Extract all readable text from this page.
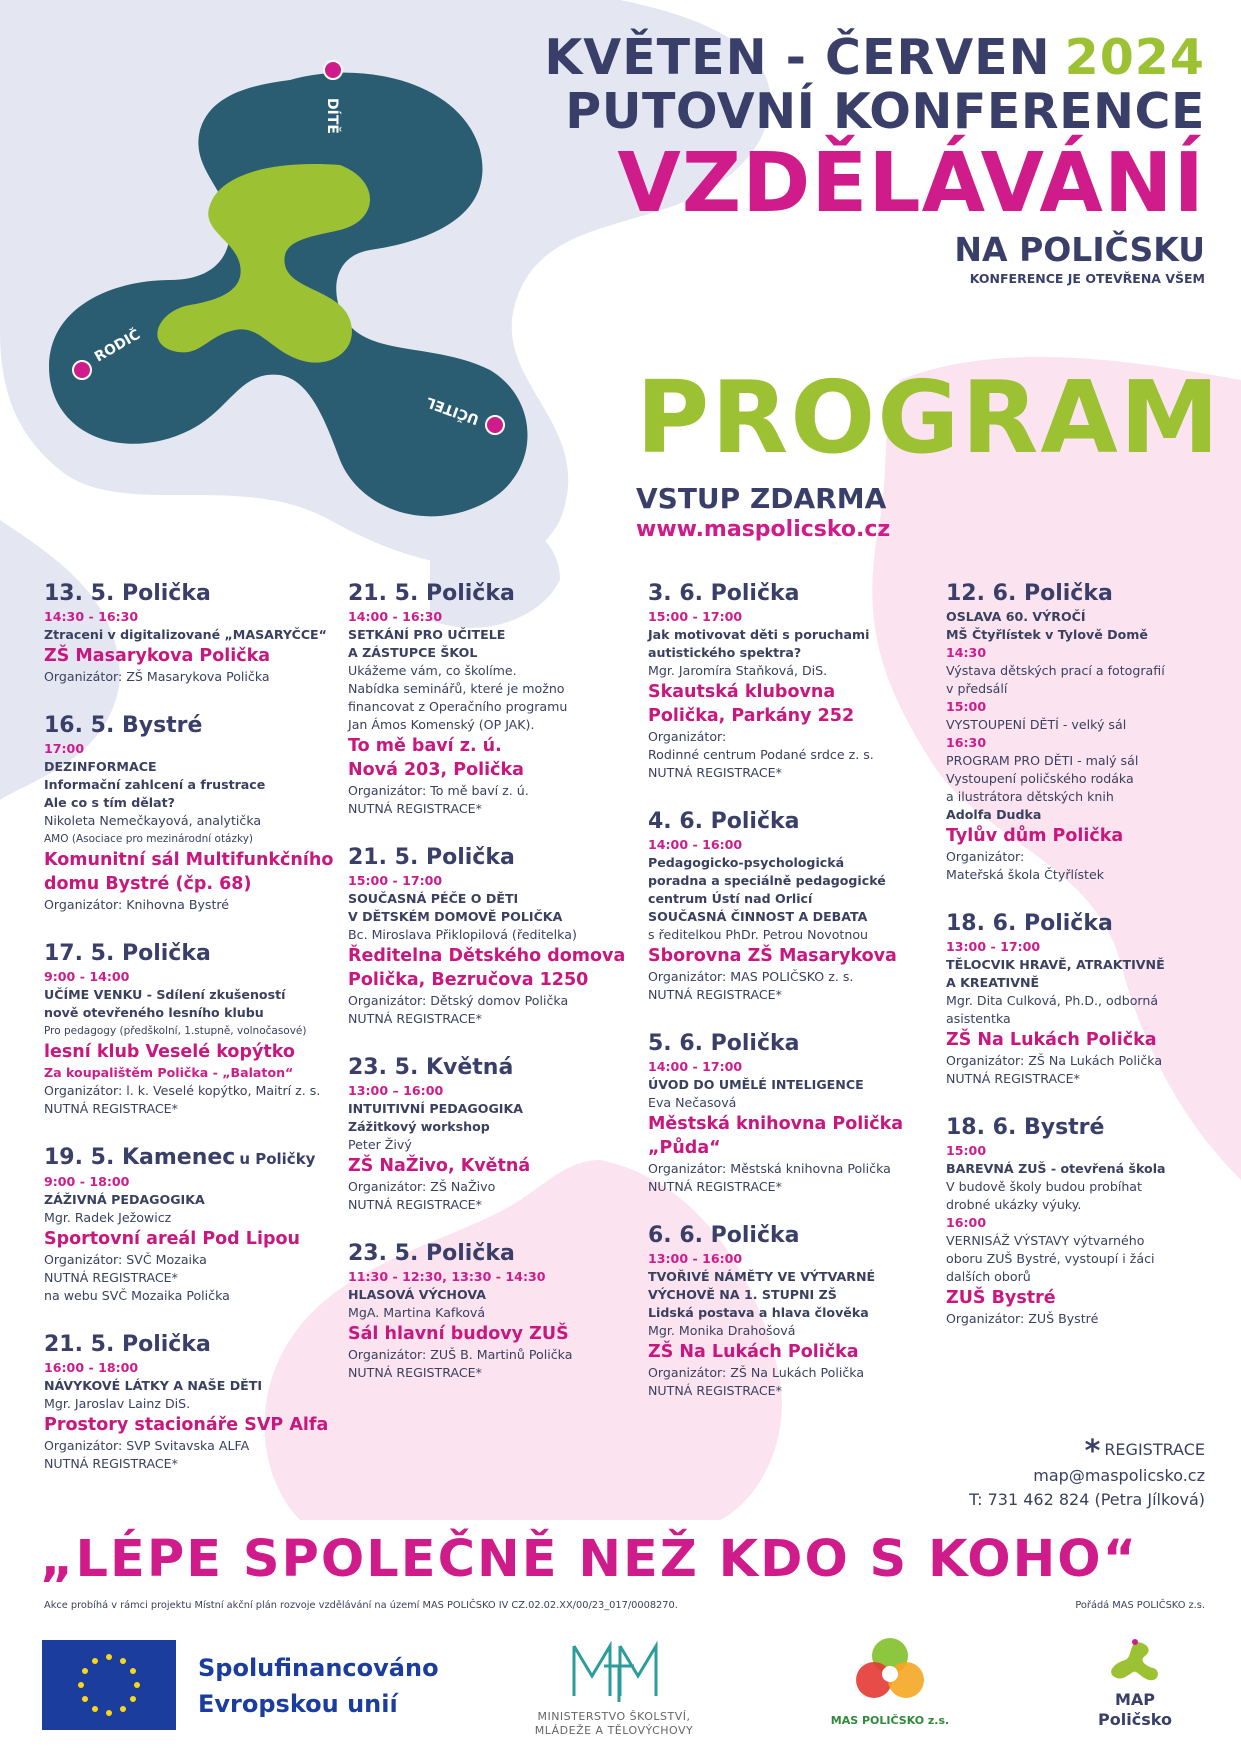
DÍTĚ
RODIČ
UČITEL
KVĚTEN - ČERVEN 2024
PUTOVNÍ KONFERENCE
VZDĚLÁVÁNÍ
NA POLIČSKU
KONFERENCE JE OTEVŘENA VŠEM
PROGRAM
VSTUP ZDARMA
www.maspolicsko.cz
13. 5. Polička
14:30 - 16:30
Ztraceni v digitalizované „MASARYČCE“
ZŠ Masarykova Polička
Organizátor: ZŠ Masarykova Polička
16. 5. Bystré
17:00
DEZINFORMACE
Informační zahlcení a frustrace
Ale co s tím dělat?
Nikoleta Nemečkayová, analytička
AMO (Asociace pro mezinárodní otázky)
Komunitní sál Multifunkčního
domu Bystré (čp. 68)
Organizátor: Knihovna Bystré
17. 5. Polička
9:00 - 14:00
UČÍME VENKU - Sdílení zkušeností
nově otevřeného lesního klubu
Pro pedagogy (předškolní, 1.stupně, volnočasové)
lesní klub Veselé kopýtko
Za koupalištěm Polička - „Balaton“
Organizátor: l. k. Veselé kopýtko, Maitrí z. s.
NUTNÁ REGISTRACE*
19. 5. Kamenec u Poličky
9:00 - 18:00
ZÁŽIVNÁ PEDAGOGIKA
Mgr. Radek Ježowicz
Sportovní areál Pod Lipou
Organizátor: SVČ Mozaika
NUTNÁ REGISTRACE*
na webu SVČ Mozaika Polička
21. 5. Polička
16:00 - 18:00
NÁVYKOVÉ LÁTKY A NAŠE DĚTI
Mgr. Jaroslav Lainz DiS.
Prostory stacionáře SVP Alfa
Organizátor: SVP Svitavska ALFA
NUTNÁ REGISTRACE*
21. 5. Polička
14:00 - 16:30
SETKÁNÍ PRO UČITELE
A ZÁSTUPCE ŠKOL
Ukážeme vám, co školíme.
Nabídka seminářů, které je možno
financovat z Operačního programu
Jan Ámos Komenský (OP JAK).
To mě baví z. ú.
Nová 203, Polička
Organizátor: To mě baví z. ú.
NUTNÁ REGISTRACE*
21. 5. Polička
15:00 - 17:00
SOUČASNÁ PÉČE O DĚTI
V DĚTSKÉM DOMOVĚ POLIČKA
Bc. Miroslava Přiklopilová (ředitelka)
Ředitelna Dětského domova
Polička, Bezručova 1250
Organizátor: Dětský domov Polička
NUTNÁ REGISTRACE*
23. 5. Květná
13:00 – 16:00
INTUITIVNÍ PEDAGOGIKA
Zážitkový workshop
Peter Živý
ZŠ NaŽivo, Květná
Organizátor: ZŠ NaŽivo
NUTNÁ REGISTRACE*
23. 5. Polička
11:30 - 12:30, 13:30 - 14:30
HLASOVÁ VÝCHOVA
MgA. Martina Kafková
Sál hlavní budovy ZUŠ
Organizátor: ZUŠ B. Martinů Polička
NUTNÁ REGISTRACE*
3. 6. Polička
15:00 - 17:00
Jak motivovat děti s poruchami
autistického spektra?
Mgr. Jaromíra Staňková, DiS.
Skautská klubovna
Polička, Parkány 252
Organizátor:
Rodinné centrum Podané srdce z. s.
NUTNÁ REGISTRACE*
4. 6. Polička
14:00 - 16:00
Pedagogicko-psychologická
poradna a speciálně pedagogické
centrum Ústí nad Orlicí
SOUČASNÁ ČINNOST A DEBATA
s ředitelkou PhDr. Petrou Novotnou
Sborovna ZŠ Masarykova
Organizátor: MAS POLIČSKO z. s.
NUTNÁ REGISTRACE*
5. 6. Polička
14:00 - 17:00
ÚVOD DO UMĚLÉ INTELIGENCE
Eva Nečasová
Městská knihovna Polička
„Půda“
Organizátor: Městská knihovna Polička
NUTNÁ REGISTRACE*
6. 6. Polička
13:00 - 16:00
TVOŘIVÉ NÁMĚTY VE VÝTVARNÉ
VÝCHOVĚ NA 1. STUPNI ZŠ
Lidská postava a hlava člověka
Mgr. Monika Drahošová
ZŠ Na Lukách Polička
Organizátor: ZŠ Na Lukách Polička
NUTNÁ REGISTRACE*
12. 6. Polička
OSLAVA 60. VÝROČÍ
MŠ Čtyřlístek v Tylově Domě
14:30
Výstava dětských prací a fotografií
v předsálí
15:00
VYSTOUPENÍ DĚTÍ - velký sál
16:30
PROGRAM PRO DĚTI - malý sál
Vystoupení poličského rodáka
a ilustrátora dětských knih
Adolfa Dudka
Tylův dům Polička
Organizátor:
Mateřská škola Čtyřlístek
18. 6. Polička
13:00 - 17:00
TĚLOCVIK HRAVĚ, ATRAKTIVNĚ
A KREATIVNĚ
Mgr. Dita Culková, Ph.D., odborná
asistentka
ZŠ Na Lukách Polička
Organizátor: ZŠ Na Lukách Polička
NUTNÁ REGISTRACE*
18. 6. Bystré
15:00
BAREVNÁ ZUŠ - otevřená škola
V budově školy budou probíhat
drobné ukázky výuky.
16:00
VERNISÁŽ VÝSTAVY výtvarného
oboru ZUŠ Bystré, vystoupí i žáci
dalších oborů
ZUŠ Bystré
Organizátor: ZUŠ Bystré
* REGISTRACE
map@maspolicsko.cz
T: 731 462 824 (Petra Jílková)
„LÉPE SPOLEČNĚ NEŽ KDO S KOHO“
Akce probíhá v rámci projektu Místní akční plán rozvoje vzdělávání na území MAS POLIČSKO IV CZ.02.02.XX/00/23_017/0008270.	Pořádá MAS POLIČSKO z.s.
Spolufinancováno
Evropskou unií	MINISTERSTVO ŠKOLSTVÍ,
MLÁDEŽE A TĚLOVÝCHOVY
MAS POLIČSKO z.s.
MAP
Poličsko
